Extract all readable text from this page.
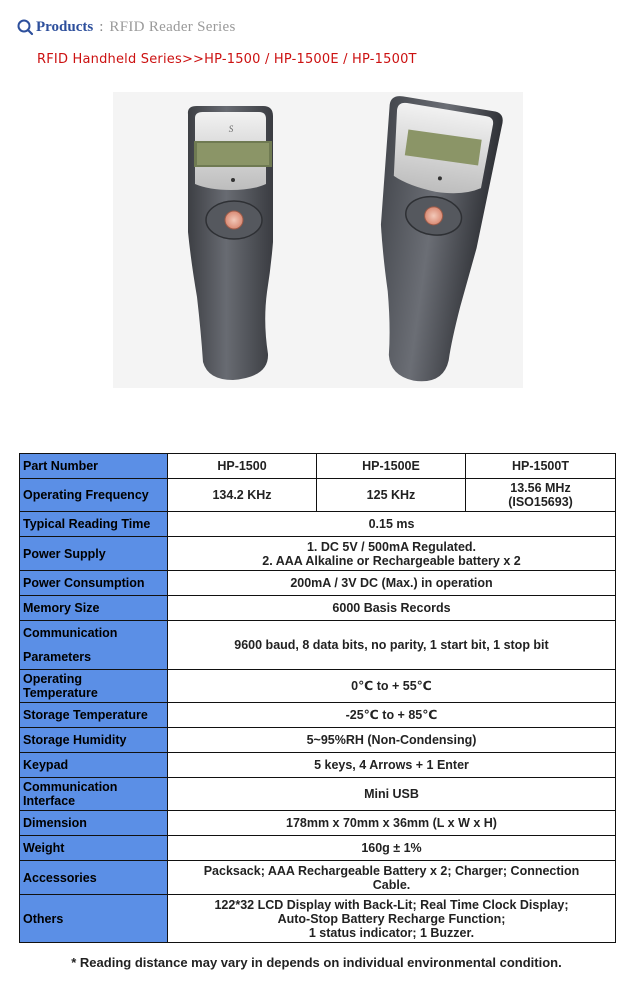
Products : RFID Reader Series
RFID Handheld Series>>HP-1500 / HP-1500E / HP-1500T
S
Part Number	HP-1500	HP-1500E	HP-1500T
Operating Frequency	134.2 KHz	125 KHz	13.56 MHz
(ISO15693)

Typical Reading Time	0.15 ms		
Power Supply	1. DC 5V / 500mA Regulated.
2. AAA Alkaline or Rechargeable battery x 2		

Power Consumption	200mA / 3V DC (Max.) in operation		
Memory Size	6000 Basis Records		

Communication
Parameters	9600 baud, 8 data bits, no parity, 1 start bit, 1 stop bit		

Operating
Temperature	0℃ to + 55℃		
Storage Temperature	-25℃ to + 85℃		
Storage Humidity	5~95%RH (Non-Condensing)		
Keypad	5 keys, 4 Arrows + 1 Enter		

Communication
Interface	Mini USB		
Dimension	178mm x 70mm x 36mm (L x W x H)		
Weight	160g ± 1%		
Accessories	Packsack; AAA Rechargeable Battery x 2; Charger; Connection
Cable.		

Others	122*32 LCD Display with Back-Lit; Real Time Clock Display;
Auto-Stop Battery Recharge Function;
1 status indicator; 1 Buzzer.		
* Reading distance may vary in depends on individual environmental condition.
